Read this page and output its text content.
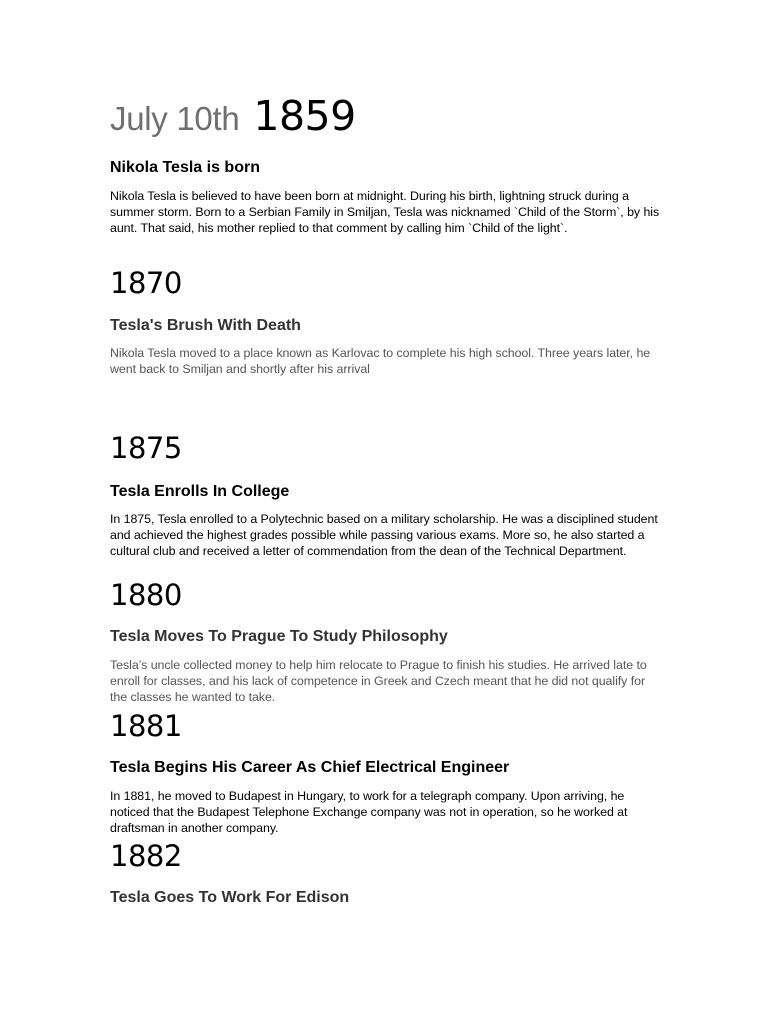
July 10th 1859

Nikola Tesla is born

Nikola Tesla is believed to have been born at midnight. During his birth, lightning struck during a summer storm. Born to a Serbian Family in Smiljan, Tesla was nicknamed `Child of the Storm`, by his aunt. That said, his mother replied to that comment by calling him `Child of the light`.

1870

Tesla's Brush With Death

Nikola Tesla moved to a place known as Karlovac to complete his high school. Three years later, he went back to Smiljan and shortly after his arrival

1875

Tesla Enrolls In College

In 1875, Tesla enrolled to a Polytechnic based on a military scholarship. He was a disciplined student and achieved the highest grades possible while passing various exams. More so, he also started a cultural club and received a letter of commendation from the dean of the Technical Department.

1880

Tesla Moves To Prague To Study Philosophy

Tesla’s uncle collected money to help him relocate to Prague to finish his studies. He arrived late to enroll for classes, and his lack of competence in Greek and Czech meant that he did not qualify for the classes he wanted to take.

1881

Tesla Begins His Career As Chief Electrical Engineer

In 1881, he moved to Budapest in Hungary, to work for a telegraph company. Upon arriving, he noticed that the Budapest Telephone Exchange company was not in operation, so he worked at draftsman in another company.

1882

Tesla Goes To Work For Edison
